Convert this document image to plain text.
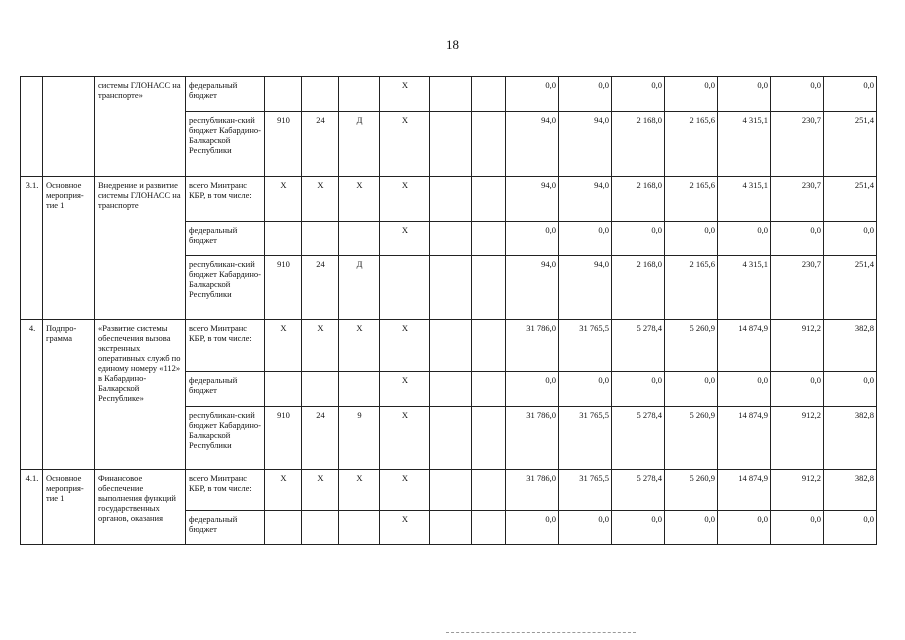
18
		системы ГЛОНАСС на транспорте»	федеральный бюджет				Х			0,0	0,0	0,0	0,0	0,0	0,0	0,0
			республикан-ский бюджет Кабардино-Балкарской Республики	910	24	Д	Х			94,0	94,0	2 168,0	2 165,6	4 315,1	230,7	251,4
3.1.	Основное мероприя-тие 1	Внедрение и развитие системы ГЛОНАСС на транспорте	всего Минтранс КБР, в том числе:	Х	Х	Х	Х			94,0	94,0	2 168,0	2 165,6	4 315,1	230,7	251,4
			федеральный бюджет				Х			0,0	0,0	0,0	0,0	0,0	0,0	0,0
			республикан-ский бюджет Кабардино-Балкарской Республики	910	24	Д				94,0	94,0	2 168,0	2 165,6	4 315,1	230,7	251,4
4.	Подпро-грамма	«Развитие системы обеспечения вызова экстренных оперативных служб по единому номеру «112» в Кабардино-Балкарской Республике»	всего Минтранс КБР, в том числе:	Х	Х	Х	Х			31 786,0	31 765,5	5 278,4	5 260,9	14 874,9	912,2	382,8
			федеральный бюджет				Х			0,0	0,0	0,0	0,0	0,0	0,0	0,0
			республикан-ский бюджет Кабардино-Балкарской Республики	910	24	9	Х			31 786,0	31 765,5	5 278,4	5 260,9	14 874,9	912,2	382,8
4.1.	Основное мероприя-тие 1	Финансовое обеспечение выполнения функций государственных органов, оказания	всего Минтранс КБР, в том числе:	Х	Х	Х	Х			31 786,0	31 765,5	5 278,4	5 260,9	14 874,9	912,2	382,8
			федеральный бюджет				Х			0,0	0,0	0,0	0,0	0,0	0,0	0,0
